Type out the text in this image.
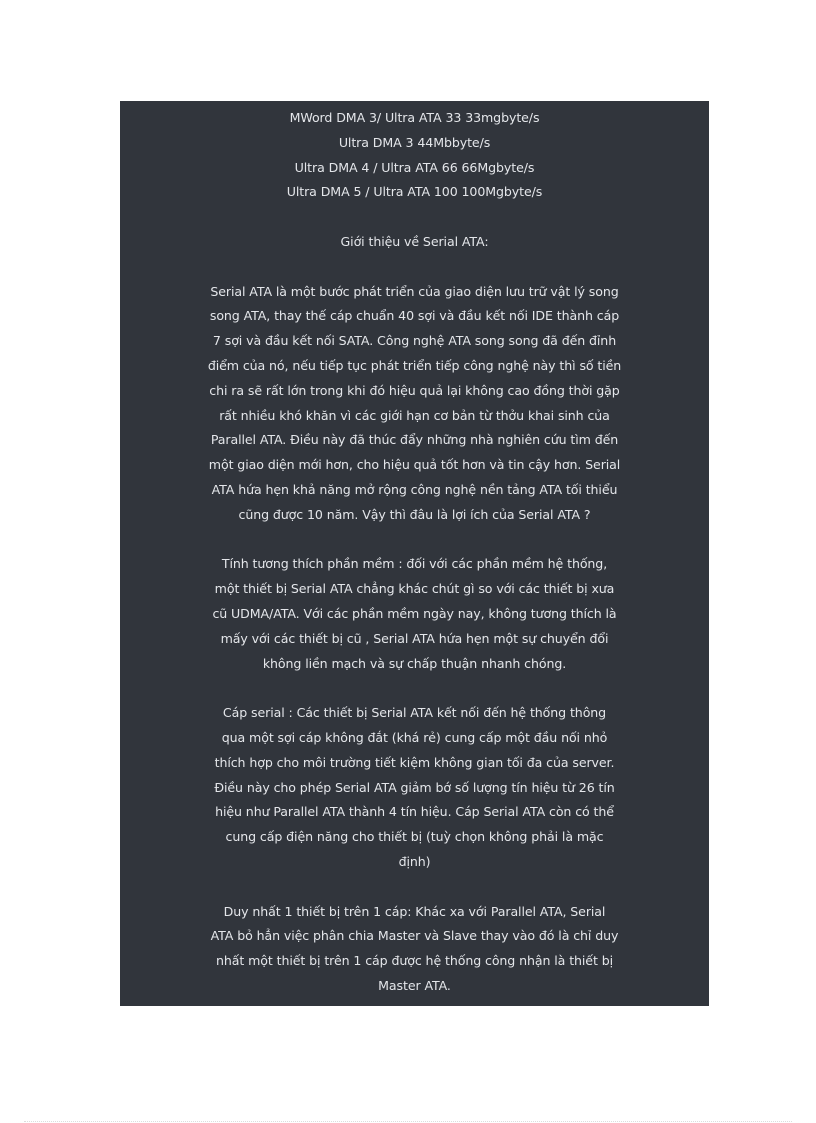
MWord DMA 3/ Ultra ATA 33 33mgbyte/s
Ultra DMA 3 44Mbbyte/s
Ultra DMA 4 / Ultra ATA 66 66Mgbyte/s
Ultra DMA 5 / Ultra ATA 100 100Mgbyte/s
Giới thiệu về Serial ATA:
Serial ATA là một bước phát triển của giao diện lưu trữ vật lý song
song ATA, thay thế cáp chuẩn 40 sợi và đầu kết nối IDE thành cáp
7 sợi và đầu kết nối SATA. Công nghệ ATA song song đã đến đỉnh
điểm của nó, nếu tiếp tục phát triển tiếp công nghệ này thì số tiền
chi ra sẽ rất lớn trong khi đó hiệu quả lại không cao đồng thời gặp
rất nhiều khó khăn vì các giới hạn cơ bản từ thởu khai sinh của
Parallel ATA. Điều này đã thúc đẩy những nhà nghiên cứu tìm đến
một giao diện mới hơn, cho hiệu quả tốt hơn và tin cậy hơn. Serial
ATA hứa hẹn khả năng mở rộng công nghệ nền tảng ATA tối thiểu
cũng được 10 năm. Vậy thì đâu là lợi ích của Serial ATA ?
Tính tương thích phần mềm : đối với các phần mềm hệ thống,
một thiết bị Serial ATA chẳng khác chút gì so với các thiết bị xưa
cũ UDMA/ATA. Với các phần mềm ngày nay, không tương thích là
mấy với các thiết bị cũ , Serial ATA hứa hẹn một sự chuyển đổi
không liền mạch và sự chấp thuận nhanh chóng.
Cáp serial : Các thiết bị Serial ATA kết nối đến hệ thống thông
qua một sợi cáp không đắt (khá rẻ) cung cấp một đầu nối nhỏ
thích hợp cho môi trường tiết kiệm không gian tối đa của server.
Điều này cho phép Serial ATA giảm bớ số lượng tín hiệu từ 26 tín
hiệu như Parallel ATA thành 4 tín hiệu. Cáp Serial ATA còn có thể
cung cấp điện năng cho thiết bị (tuỳ chọn không phải là mặc
định)
Duy nhất 1 thiết bị trên 1 cáp: Khác xa với Parallel ATA, Serial
ATA bỏ hẳn việc phân chia Master và Slave thay vào đó là chỉ duy
nhất một thiết bị trên 1 cáp được hệ thống công nhận là thiết bị
Master ATA.
